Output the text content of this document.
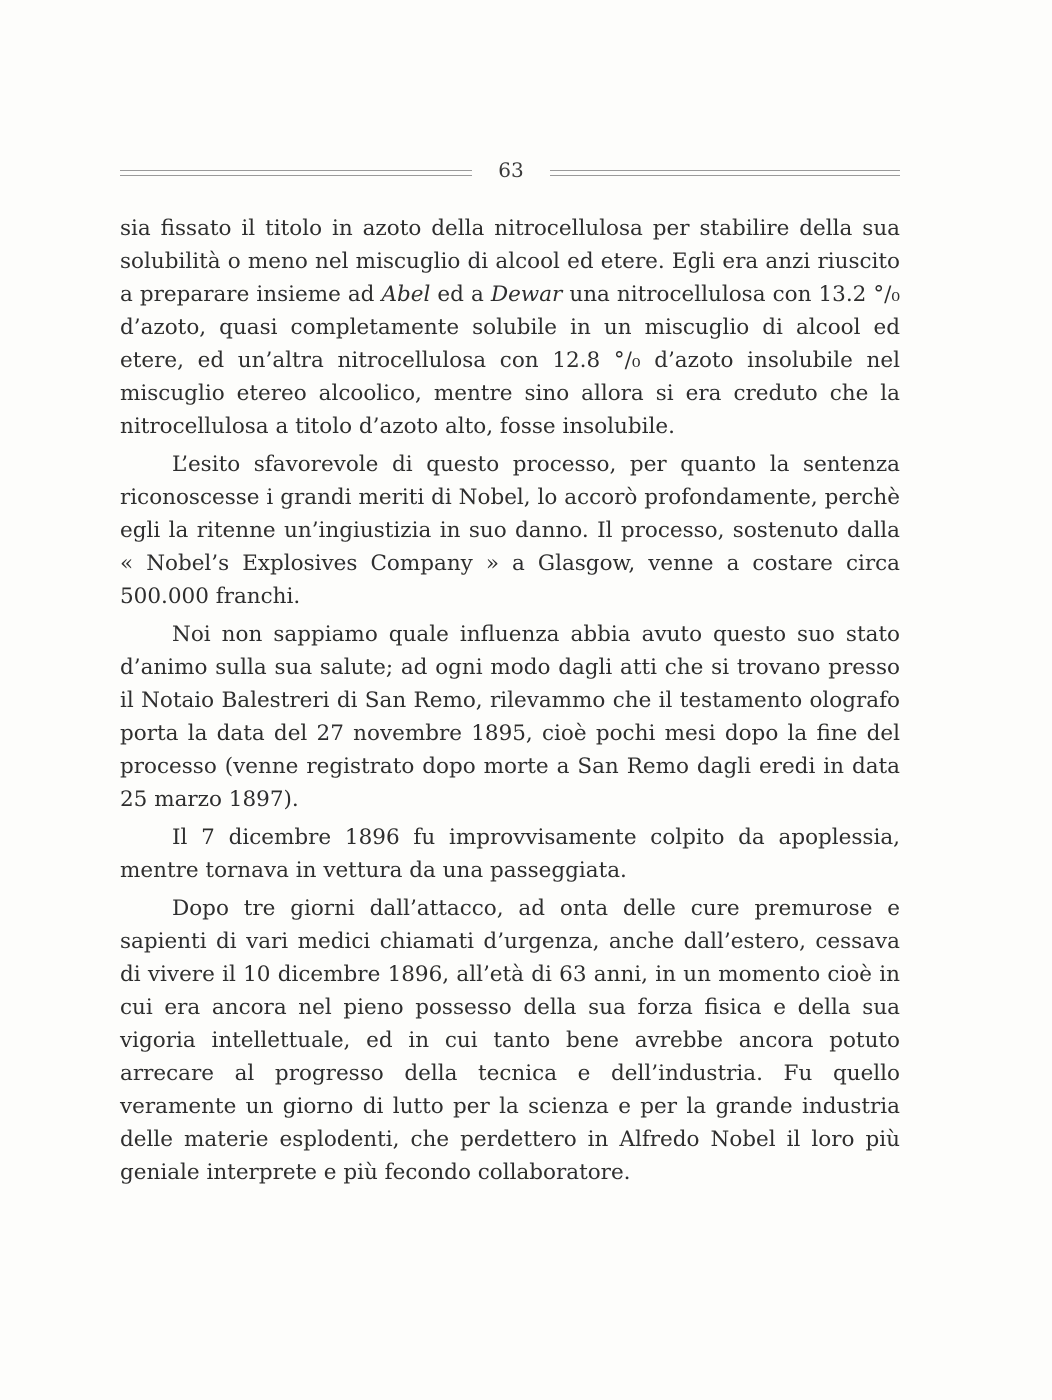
63

sia fissato il titolo in azoto della nitrocellulosa per stabilire della sua solubilità o meno nel miscuglio di alcool ed etere. Egli era anzi riuscito a preparare insieme ad Abel ed a Dewar una nitrocellulosa con 13.2 °/₀ d’azoto, quasi completamente solubile in un miscuglio di alcool ed etere, ed un’altra nitrocellulosa con 12.8 °/₀ d’azoto insolubile nel miscuglio etereo alcoolico, mentre sino allora si era creduto che la nitrocellulosa a titolo d’azoto alto, fosse insolubile.

L’esito sfavorevole di questo processo, per quanto la sentenza riconoscesse i grandi meriti di Nobel, lo accorò profondamente, perchè egli la ritenne un’ingiustizia in suo danno. Il processo, sostenuto dalla « Nobel’s Explosives Company » a Glasgow, venne a costare circa 500.000 franchi.

Noi non sappiamo quale influenza abbia avuto questo suo stato d’animo sulla sua salute; ad ogni modo dagli atti che si trovano presso il Notaio Balestreri di San Remo, rilevammo che il testamento olografo porta la data del 27 novembre 1895, cioè pochi mesi dopo la fine del processo (venne registrato dopo morte a San Remo dagli eredi in data 25 marzo 1897).

Il 7 dicembre 1896 fu improvvisamente colpito da apoplessia, mentre tornava in vettura da una passeggiata.

Dopo tre giorni dall’attacco, ad onta delle cure premurose e sapienti di vari medici chiamati d’urgenza, anche dall’estero, cessava di vivere il 10 dicembre 1896, all’età di 63 anni, in un momento cioè in cui era ancora nel pieno possesso della sua forza fisica e della sua vigoria intellettuale, ed in cui tanto bene avrebbe ancora potuto arrecare al progresso della tecnica e dell’industria. Fu quello veramente un giorno di lutto per la scienza e per la grande industria delle materie esplodenti, che perdettero in Alfredo Nobel il loro più geniale interprete e più fecondo collaboratore.
